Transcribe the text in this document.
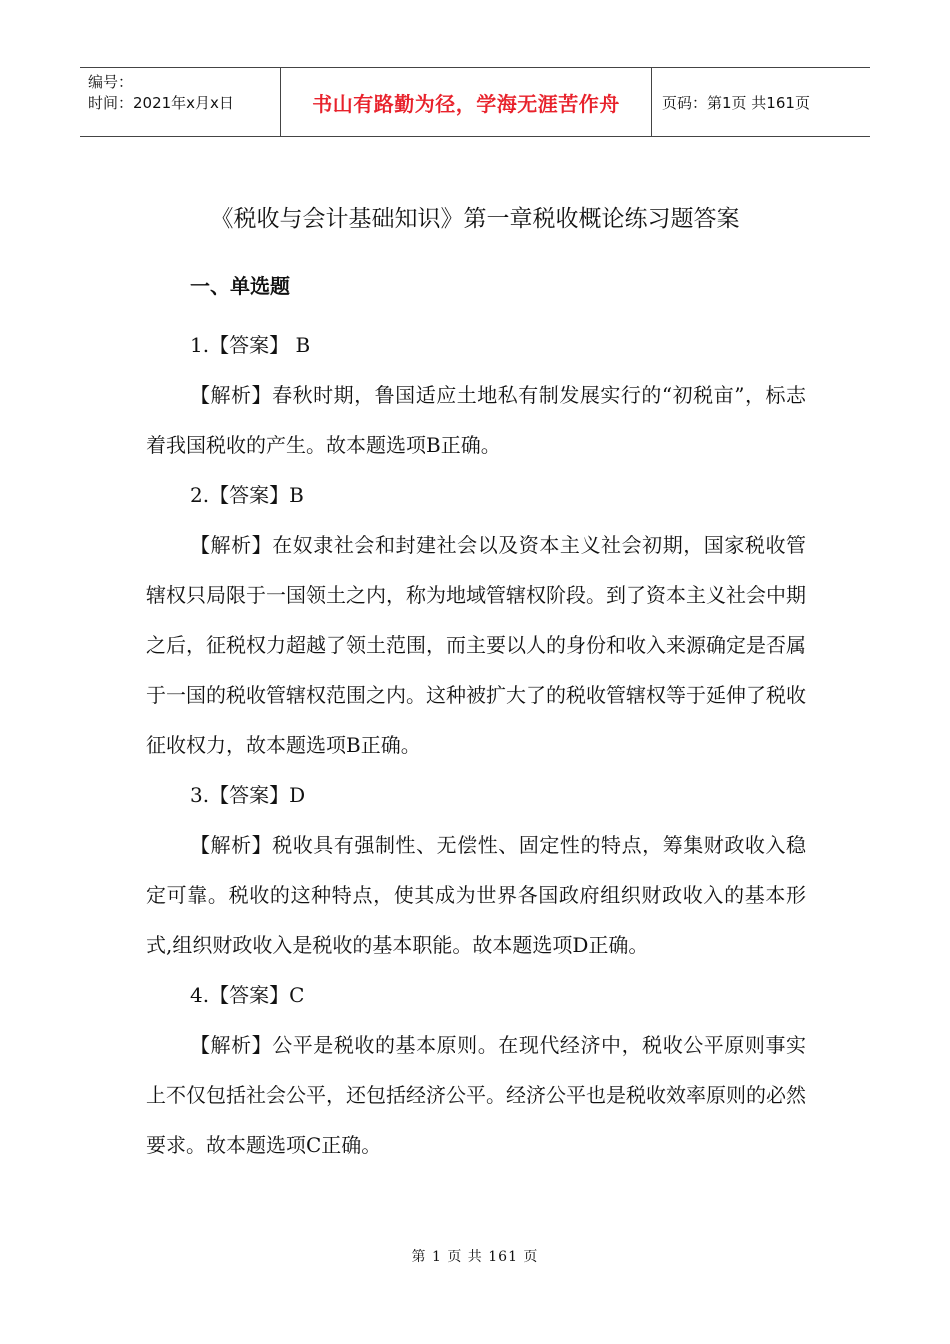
编号：
时间：2021年x月x日	书山有路勤为径，学海无涯苦作舟	页码：第1页 共161页
《税收与会计基础知识》第一章税收概论练习题答案
一、单选题

1.【答案】 B

【解析】春秋时期，鲁国适应土地私有制发展实行的“初税亩”，标志着我国税收的产生。故本题选项B正确。

2.【答案】B

【解析】在奴隶社会和封建社会以及资本主义社会初期，国家税收管辖权只局限于一国领土之内，称为地域管辖权阶段。到了资本主义社会中期之后，征税权力超越了领土范围，而主要以人的身份和收入来源确定是否属于一国的税收管辖权范围之内。这种被扩大了的税收管辖权等于延伸了税收征收权力，故本题选项B正确。

3.【答案】D

【解析】税收具有强制性、无偿性、固定性的特点，筹集财政收入稳定可靠。税收的这种特点，使其成为世界各国政府组织财政收入的基本形式,组织财政收入是税收的基本职能。故本题选项D正确。

4.【答案】C

【解析】公平是税收的基本原则。在现代经济中，税收公平原则事实上不仅包括社会公平，还包括经济公平。经济公平也是税收效率原则的必然要求。故本题选项C正确。

第 1 页 共 161 页
